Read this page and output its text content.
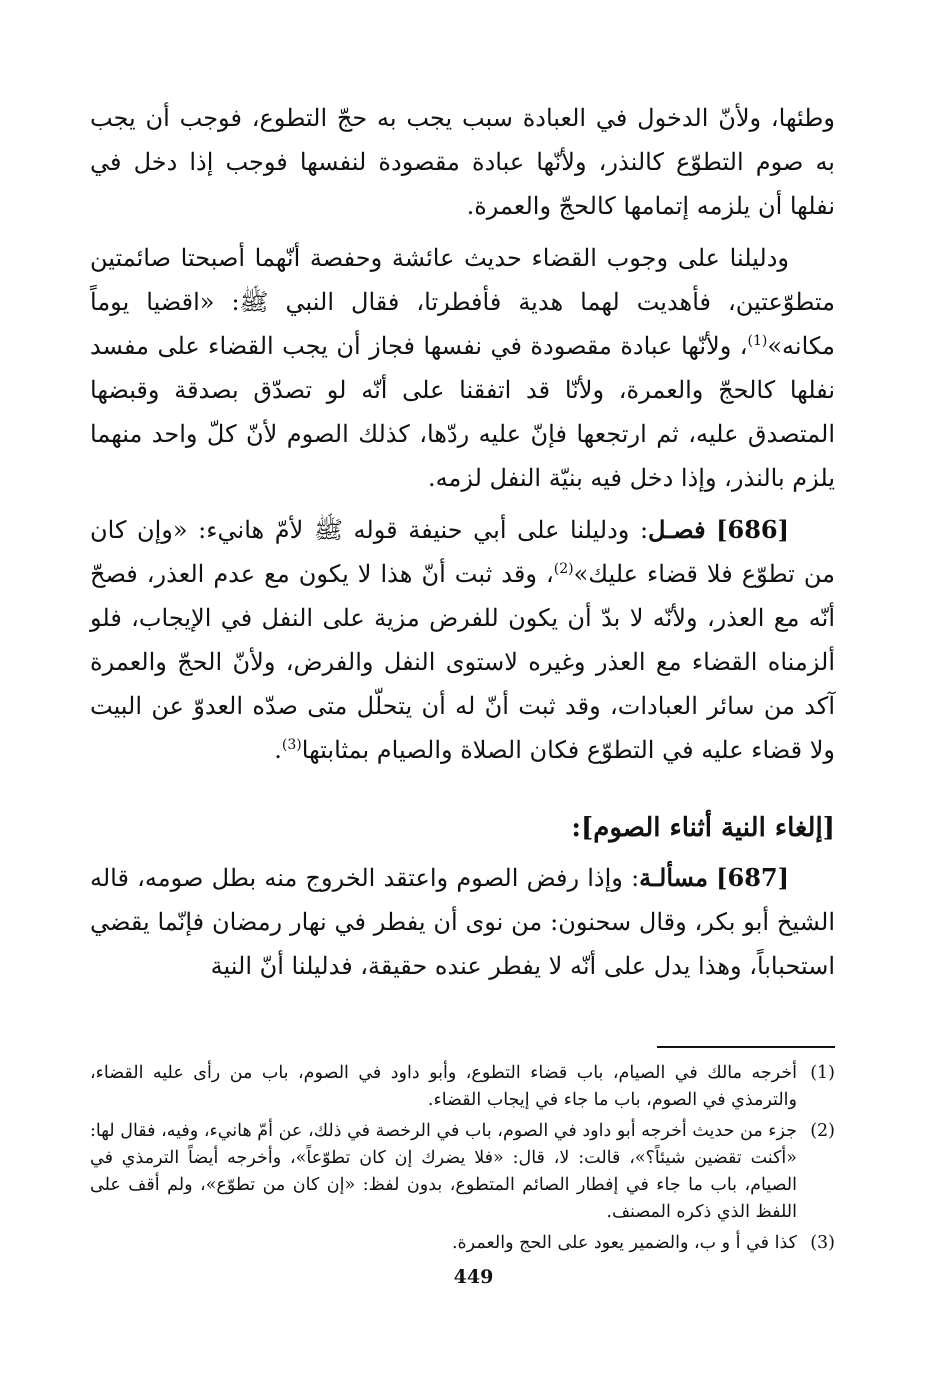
وطئها، ولأنّ الدخول في العبادة سبب يجب به حجّ التطوع، فوجب أن يجب به صوم التطوّع كالنذر، ولأنّها عبادة مقصودة لنفسها فوجب إذا دخل في نفلها أن يلزمه إتمامها كالحجّ والعمرة.

ودليلنا على وجوب القضاء حديث عائشة وحفصة أنّهما أصبحتا صائمتين متطوّعتين، فأهديت لهما هدية فأفطرتا، فقال النبي ﷺ: «اقضيا يوماً مكانه»$^{(1)}$، ولأنّها عبادة مقصودة في نفسها فجاز أن يجب القضاء على مفسد نفلها كالحجّ والعمرة، ولأنّا قد اتفقنا على أنّه لو تصدّق بصدقة وقبضها المتصدق عليه، ثم ارتجعها فإنّ عليه ردّها، كذلك الصوم لأنّ كلّ واحد منهما يلزم بالنذر، وإذا دخل فيه بنيّة النفل لزمه.

[686] فصـل: ودليلنا على أبي حنيفة قوله ﷺ لأمّ هانيء: «وإن كان من تطوّع فلا قضاء عليك»$^{(2)}$، وقد ثبت أنّ هذا لا يكون مع عدم العذر، فصحّ أنّه مع العذر، ولأنّه لا بدّ أن يكون للفرض مزية على النفل في الإيجاب، فلو ألزمناه القضاء مع العذر وغيره لاستوى النفل والفرض، ولأنّ الحجّ والعمرة آكد من سائر العبادات، وقد ثبت أنّ له أن يتحلّل متى صدّه العدوّ عن البيت ولا قضاء عليه في التطوّع فكان الصلاة والصيام بمثابتها$^{(3)}$.

[إلغاء النية أثناء الصوم]:

[687] مسألـة: وإذا رفض الصوم واعتقد الخروج منه بطل صومه، قاله الشيخ أبو بكر، وقال سحنون: من نوى أن يفطر في نهار رمضان فإنّما يقضي استحباباً، وهذا يدل على أنّه لا يفطر عنده حقيقة، فدليلنا أنّ النية

(1)
أخرجه مالك في الصيام، باب قضاء التطوع، وأبو داود في الصوم، باب من رأى عليه القضاء، والترمذي في الصوم، باب ما جاء في إيجاب القضاء.
(2)
جزء من حديث أخرجه أبو داود في الصوم، باب في الرخصة في ذلك، عن أمّ هانيء، وفيه، فقال لها: «أكنت تقضين شيئاً؟»، قالت: لا، قال: «فلا يضرك إن كان تطوّعاً»، وأخرجه أيضاً الترمذي في الصيام، باب ما جاء في إفطار الصائم المتطوع، بدون لفظ: «إن كان من تطوّع»، ولم أقف على اللفظ الذي ذكره المصنف.
(3)
كذا في أ و ب، والضمير يعود على الحج والعمرة.
449
